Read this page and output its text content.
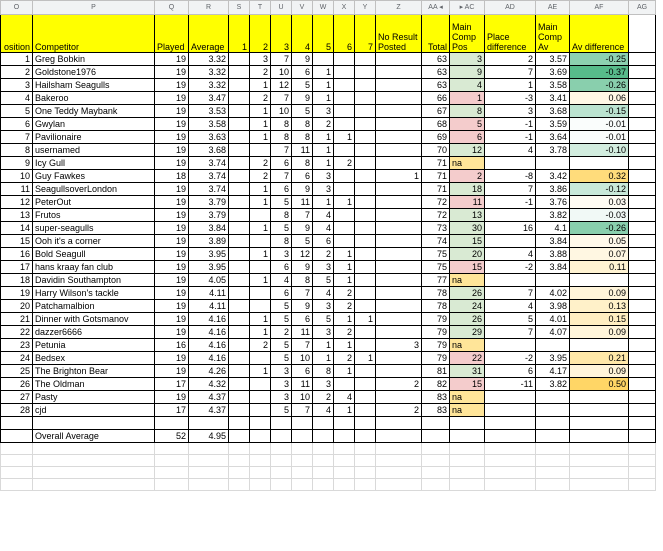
O	P	Q	R	S	T	U	V	W	X	Y	Z	AA ◂	▸ AC	AD	AE	AF	AG
osition	Competitor	Played	Average	1	2	3	4	5	6	7	No Result Posted	Total	Main Comp Pos	Place difference	Main Comp Av	Av difference	
1	Greg Bobkin	19	3.32		3	7	9					63	3	2	3.57	-0.25	
2	Goldstone1976	19	3.32		2	10	6	1				63	9	7	3.69	-0.37	
3	Hailsham Seagulls	19	3.32		1	12	5	1				63	4	1	3.58	-0.26	
4	Bakeroo	19	3.47		2	7	9	1				66	1	-3	3.41	0.06	
5	One Teddy Maybank	19	3.53		1	10	5	3				67	8	3	3.68	-0.15	
6	Gwylan	19	3.58		1	8	8	2				68	5	-1	3.59	-0.01	
7	Pavilionaire	19	3.63		1	8	8	1	1			69	6	-1	3.64	-0.01	
8	usernamed	19	3.68			7	11	1				70	12	4	3.78	-0.10	
9	Icy Gull	19	3.74		2	6	8	1	2			71	na				
10	Guy Fawkes	18	3.74		2	7	6	3			1	71	2	-8	3.42	0.32	
11	SeagullsoverLondon	19	3.74		1	6	9	3				71	18	7	3.86	-0.12	
12	PeterOut	19	3.79		1	5	11	1	1			72	11	-1	3.76	0.03	
13	Frutos	19	3.79			8	7	4				72	13		3.82	-0.03	
14	super-seagulls	19	3.84		1	5	9	4				73	30	16	4.1	-0.26	
15	Ooh it's a corner	19	3.89			8	5	6				74	15		3.84	0.05	
16	Bold Seagull	19	3.95		1	3	12	2	1			75	20	4	3.88	0.07	
17	hans kraay fan club	19	3.95			6	9	3	1			75	15	-2	3.84	0.11	
18	Davidin Southampton	19	4.05		1	4	8	5	1			77	na				
19	Harry Wilson's tackle	19	4.11			6	7	4	2			78	26	7	4.02	0.09	
20	Patchamalbion	19	4.11			5	9	3	2			78	24	4	3.98	0.13	
21	Dinner with Gotsmanov	19	4.16		1	5	6	5	1	1		79	26	5	4.01	0.15	
22	dazzer6666	19	4.16		1	2	11	3	2			79	29	7	4.07	0.09	
23	Petunia	16	4.16		2	5	7	1	1		3	79	na				
24	Bedsex	19	4.16			5	10	1	2	1		79	22	-2	3.95	0.21	
25	The Brighton Bear	19	4.26		1	3	6	8	1			81	31	6	4.17	0.09	
26	The Oldman	17	4.32			3	11	3			2	82	15	-11	3.82	0.50	
27	Pasty	19	4.37			3	10	2	4			83	na				
28	cjd	17	4.37			5	7	4	1		2	83	na				

	Overall Average	52	4.95														
